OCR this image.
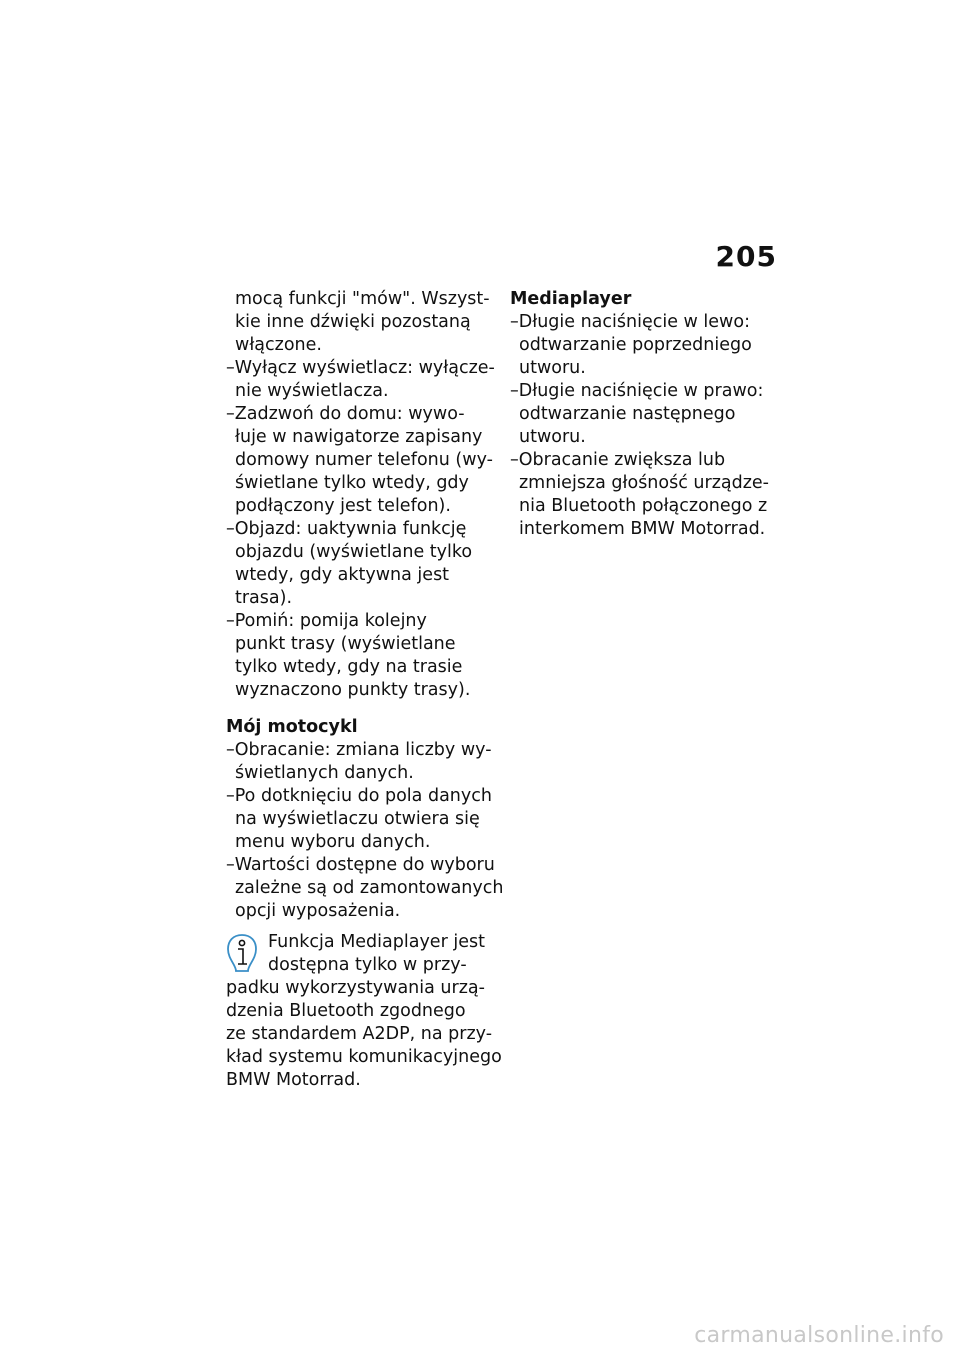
205
mocą funkcji "mów". Wszyst-
kie inne dźwięki pozostaną
włączone.
–Wyłącz wyświetlacz: wyłącze-
nie wyświetlacza.
–Zadzwoń do domu: wywo-
łuje w nawigatorze zapisany
domowy numer telefonu (wy-
świetlane tylko wtedy, gdy
podłączony jest telefon).
–Objazd: uaktywnia funkcję
objazdu (wyświetlane tylko
wtedy, gdy aktywna jest
trasa).
–Pomiń: pomija kolejny
punkt trasy (wyświetlane
tylko wtedy, gdy na trasie
wyznaczono punkty trasy).
Mój motocykl
–Obracanie: zmiana liczby wy-
świetlanych danych.
–Po dotknięciu do pola danych
na wyświetlaczu otwiera się
menu wyboru danych.
–Wartości dostępne do wyboru
zależne są od zamontowanych
opcji wyposażenia.
Funkcja Mediaplayer jest
dostępna tylko w przy-
padku wykorzystywania urzą-
dzenia Bluetooth zgodnego
ze standardem A2DP, na przy-
kład systemu komunikacyjnego
BMW Motorrad.
Mediaplayer
–Długie naciśnięcie w lewo:
odtwarzanie poprzedniego
utworu.
–Długie naciśnięcie w prawo:
odtwarzanie następnego
utworu.
–Obracanie zwiększa lub
zmniejsza głośność urządze-
nia Bluetooth połączonego z
interkomem BMW Motorrad.
carmanualsonline.info
